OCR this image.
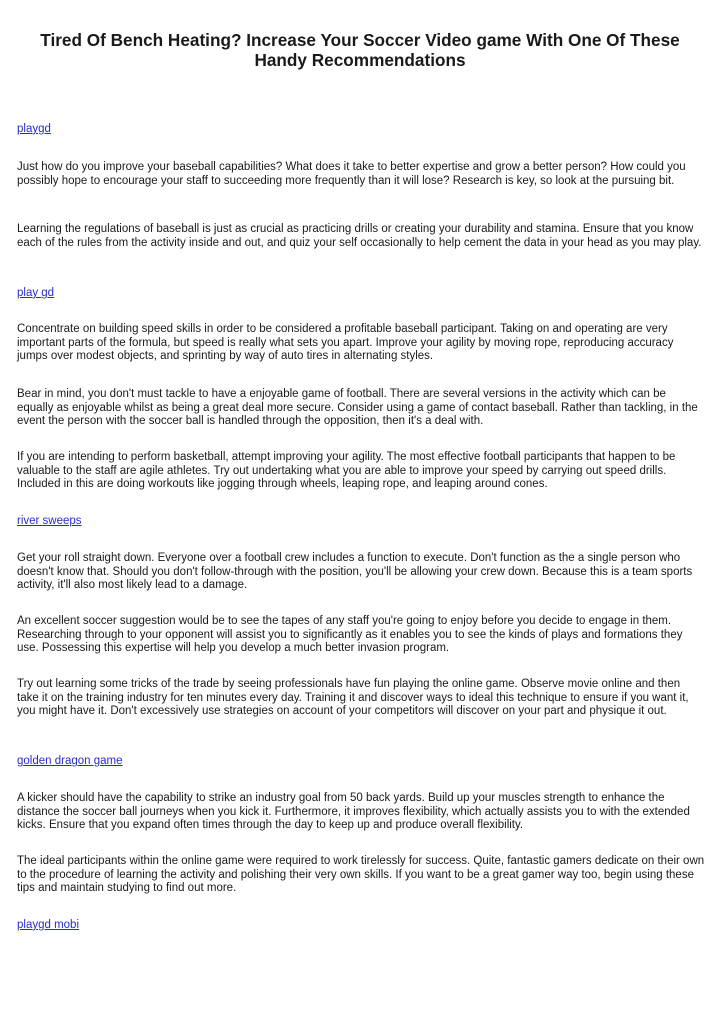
Tired Of Bench Heating? Increase Your Soccer Video game With One Of These Handy Recommendations
playgd

Just how do you improve your baseball capabilities? What does it take to better expertise and grow a better person? How could you possibly hope to encourage your staff to succeeding more frequently than it will lose? Research is key, so look at the pursuing bit.

Learning the regulations of baseball is just as crucial as practicing drills or creating your durability and stamina. Ensure that you know each of the rules from the activity inside and out, and quiz your self occasionally to help cement the data in your head as you may play.

play gd

Concentrate on building speed skills in order to be considered a profitable baseball participant. Taking on and operating are very important parts of the formula, but speed is really what sets you apart. Improve your agility by moving rope, reproducing accuracy jumps over modest objects, and sprinting by way of auto tires in alternating styles.

Bear in mind, you don't must tackle to have a enjoyable game of football. There are several versions in the activity which can be equally as enjoyable whilst as being a great deal more secure. Consider using a game of contact baseball. Rather than tackling, in the event the person with the soccer ball is handled through the opposition, then it's a deal with.

If you are intending to perform basketball, attempt improving your agility. The most effective football participants that happen to be valuable to the staff are agile athletes. Try out undertaking what you are able to improve your speed by carrying out speed drills. Included in this are doing workouts like jogging through wheels, leaping rope, and leaping around cones.

river sweeps

Get your roll straight down. Everyone over a football crew includes a function to execute. Don't function as the a single person who doesn't know that. Should you don't follow-through with the position, you'll be allowing your crew down. Because this is a team sports activity, it'll also most likely lead to a damage.

An excellent soccer suggestion would be to see the tapes of any staff you're going to enjoy before you decide to engage in them. Researching through to your opponent will assist you to significantly as it enables you to see the kinds of plays and formations they use. Possessing this expertise will help you develop a much better invasion program.

Try out learning some tricks of the trade by seeing professionals have fun playing the online game. Observe movie online and then take it on the training industry for ten minutes every day. Training it and discover ways to ideal this technique to ensure if you want it, you might have it. Don't excessively use strategies on account of your competitors will discover on your part and physique it out.

golden dragon game

A kicker should have the capability to strike an industry goal from 50 back yards. Build up your muscles strength to enhance the distance the soccer ball journeys when you kick it. Furthermore, it improves flexibility, which actually assists you to with the extended kicks. Ensure that you expand often times through the day to keep up and produce overall flexibility.

The ideal participants within the online game were required to work tirelessly for success. Quite, fantastic gamers dedicate on their own to the procedure of learning the activity and polishing their very own skills. If you want to be a great gamer way too, begin using these tips and maintain studying to find out more.

playgd mobi
